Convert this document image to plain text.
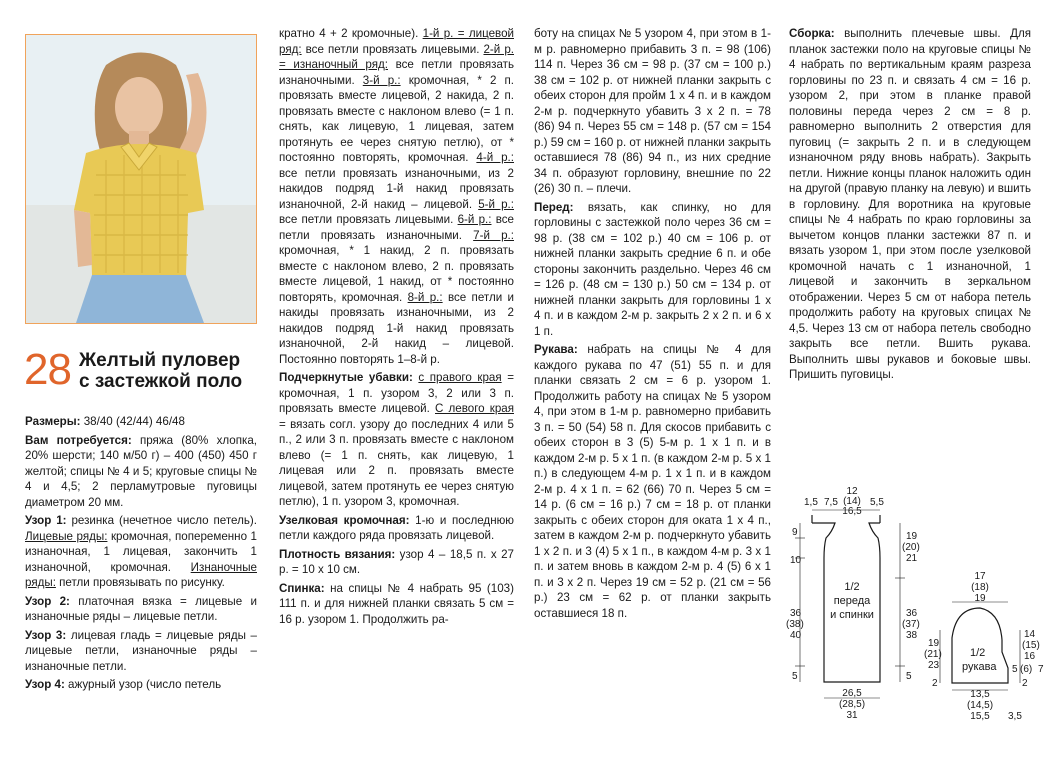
28 Желтый пуловер
с застежкой поло

Размеры: 38/40 (42/44) 46/48

Вам потребуется: пряжа (80% хлопка, 20% шерсти; 140 м/50 г) – 400 (450) 450 г желтой; спицы № 4 и 5; круговые спицы № 4 и 4,5; 2 перламутровые пуговицы диаметром 20 мм.

Узор 1: резинка (нечетное число петель). Лицевые ряды: кромочная, попеременно 1 изнаночная, 1 лицевая, закончить 1 изнаночной, кромочная. Изнаночные ряды: петли провязывать по рисунку.

Узор 2: платочная вязка = лицевые и изнаночные ряды – лицевые петли.

Узор 3: лицевая гладь = лицевые ряды – лицевые петли, изнаночные ряды – изнаночные петли.

Узор 4: ажурный узор (число петель

кратно 4 + 2 кромочные). 1-й р. = лицевой ряд: все петли провязать лицевыми. 2-й р. = изнаночный ряд: все петли провязать изнаночными. 3-й р.: кромочная, * 2 п. провязать вместе лицевой, 2 накида, 2 п. провязать вместе с наклоном влево (= 1 п. снять, как лицевую, 1 лицевая, затем протянуть ее через снятую петлю), от * постоянно повторять, кромочная. 4-й р.: все петли провязать изнаночными, из 2 накидов подряд 1-й накид провязать изнаночной, 2-й накид – лицевой. 5-й р.: все петли провязать лицевыми. 6-й р.: все петли провязать изнаночными. 7-й р.: кромочная, * 1 накид, 2 п. провязать вместе с наклоном влево, 2 п. провязать вместе лицевой, 1 накид, от * постоянно повторять, кромочная. 8-й р.: все петли и накиды провязать изнаночными, из 2 накидов подряд 1-й накид провязать изнаночной, 2-й накид – лицевой. Постоянно повторять 1–8-й р.

Подчеркнутые убавки: с правого края = кромочная, 1 п. узором 3, 2 или 3 п. провязать вместе лицевой. С левого края = вязать согл. узору до последних 4 или 5 п., 2 или 3 п. провязать вместе с наклоном влево (= 1 п. снять, как лицевую, 1 лицевая или 2 п. провязать вместе лицевой, затем протянуть ее через снятую петлю), 1 п. узором 3, кромочная.

Узелковая кромочная: 1-ю и последнюю петли каждого ряда провязать лицевой.

Плотность вязания: узор 4 – 18,5 п. x 27 р. = 10 x 10 см.

Спинка: на спицы № 4 набрать 95 (103) 111 п. и для нижней планки связать 5 см = 16 р. узором 1. Продолжить ра-

боту на спицах № 5 узором 4, при этом в 1-м р. равномерно прибавить 3 п. = 98 (106) 114 п. Через 36 см = 98 р. (37 см = 100 р.) 38 см = 102 р. от нижней планки закрыть с обеих сторон для пройм 1 x 4 п. и в каждом 2-м р. подчеркнуто убавить 3 x 2 п. = 78 (86) 94 п. Через 55 см = 148 р. (57 см = 154 р.) 59 см = 160 р. от нижней планки закрыть оставшиеся 78 (86) 94 п., из них средние 34 п. образуют горловину, внешние по 22 (26) 30 п. – плечи.

Перед: вязать, как спинку, но для горловины с застежкой поло через 36 см = 98 р. (38 см = 102 р.) 40 см = 106 р. от нижней планки закрыть средние 6 п. и обе стороны закончить раздельно. Через 46 см = 126 р. (48 см = 130 р.) 50 см = 134 р. от нижней планки закрыть для горловины 1 x 4 п. и в каждом 2-м р. закрыть 2 x 2 п. и 6 x 1 п.

Рукава: набрать на спицы № 4 для каждого рукава по 47 (51) 55 п. и для планки связать 2 см = 6 р. узором 1. Продолжить работу на спицах № 5 узором 4, при этом в 1-м р. равномерно прибавить 3 п. = 50 (54) 58 п. Для скосов прибавить с обеих сторон в 3 (5) 5-м р. 1 x 1 п. и в каждом 2-м р. 5 x 1 п. (в каждом 2-м р. 5 x 1 п.) в следующем 4-м р. 1 x 1 п. и в каждом 2-м р. 4 x 1 п. = 62 (66) 70 п. Через 5 см = 14 р. (6 см = 16 р.) 7 см = 18 р. от планки закрыть с обеих сторон для оката 1 x 4 п., затем в каждом 2-м р. подчеркнуто убавить 1 x 2 п. и 3 (4) 5 x 1 п., в каждом 4-м р. 3 x 1 п. и затем вновь в каждом 2-м р. 4 (5) 6 x 1 п. и 3 x 2 п. Через 19 см = 52 р. (21 см = 56 р.) 23 см = 62 р. от планки закрыть оставшиеся 18 п.

Сборка: выполнить плечевые швы. Для планок застежки поло на круговые спицы № 4 набрать по вертикальным краям разреза горловины по 23 п. и связать 4 см = 16 р. узором 2, при этом в планке правой половины переда через 2 см = 8 р. равномерно выполнить 2 отверстия для пуговиц (= закрыть 2 п. и в следующем изнаночном ряду вновь набрать). Закрыть петли. Нижние концы планок наложить один на другой (правую планку на левую) и вшить в горловину. Для воротника на круговые спицы № 4 набрать по краю горловины за вычетом концов планки застежки 87 п. и вязать узором 1, при этом после узелковой кромочной начать с 1 изнаночной, 1 лицевой и закончить в зеркальном отображении. Через 5 см от набора петель продолжить работу на круговых спицах № 4,5. Через 13 см от набора петель свободно закрыть все петли. Вшить рукава. Выполнить швы рукавов и боковые швы. Пришить пуговицы.

1/2
переда
и спинки
1,5 7,5
12
(14)
16,5
5,5
9
10
36
(38)
40
5
19
(20)
21
36
(37)
38
5
26,5
(28,5)
31
1/2
рукава
17
(18)
19
19
(21)
23
2
14
(15)
16
5 (6) 7
2
13,5
(14,5)
15,5 3,5
